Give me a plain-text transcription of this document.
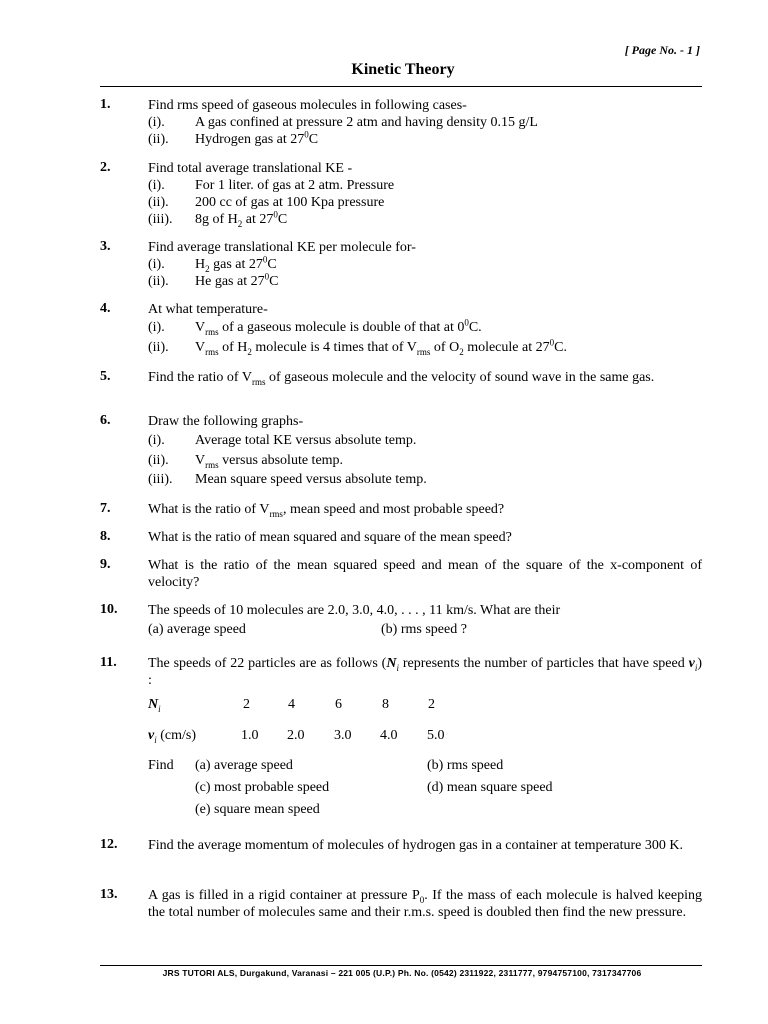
[ Page No. - 1 ]
Kinetic Theory
1.	Find rms speed of gaseous molecules in following cases-
(i). A gas confined at pressure 2 atm and having density 0.15 g/L
(ii). Hydrogen gas at $27^0C$
2.	Find total average translational KE -
(i). For 1 liter. of gas at 2 atm. Pressure
(ii). 200 cc of gas at 100 Kpa pressure
(iii). 8g of $H_2$ at $27^0C$
3.	Find average translational KE per molecule for-
(i). $H_2$ gas at $27^0C$
(ii). He gas at $27^0C$
4.	At what temperature-
(i). $V_{rms}$ of a gaseous molecule is double of that at $0^0C$.
(ii). $V_{rms}$ of $H_2$ molecule is 4 times that of $V_{rms}$ of $O_2$ molecule at $27^0C$.
5.	Find the ratio of $V_{rms}$ of gaseous molecule and the velocity of sound wave in the same gas.
6.	Draw the following graphs-
(i). Average total KE versus absolute temp.
(ii). $V_{rms}$ versus absolute temp.
(iii). Mean square speed versus absolute temp.
7.	What is the ratio of $V_{rms}$, mean speed and most probable speed?
8.	What is the ratio of mean squared and square of the mean speed?
9.	What is the ratio of the mean squared speed and mean of the square of the x-component of velocity?
10. The speeds of 10 molecules are 2.0, 3.0, 4.0, . . . , 11 km/s. What are their
(a) average speed	(b) rms speed ?
11. The speeds of 22 particles are as follows ($N_i$ represents the number of particles that have speed $v_i$) :
$N_i$	2	4	6	8	2
$v_i$ (cm/s)	1.0 2.0 3.0 4.0 5.0
Find (a) average speed	(b) rms speed
(c) most probable speed	(d) mean square speed
(e) square mean speed
12. Find the average momentum of molecules of hydrogen gas in a container at temperature 300 K.
13. A gas is filled in a rigid container at pressure $P_0$. If the mass of each molecule is halved keeping the total number of molecules same and their r.m.s. speed is doubled then find the new pressure.
JRS TUTORI ALS, Durgakund, Varanasi – 221 005 (U.P.) Ph. No. (0542) 2311922, 2311777, 9794757100, 7317347706
